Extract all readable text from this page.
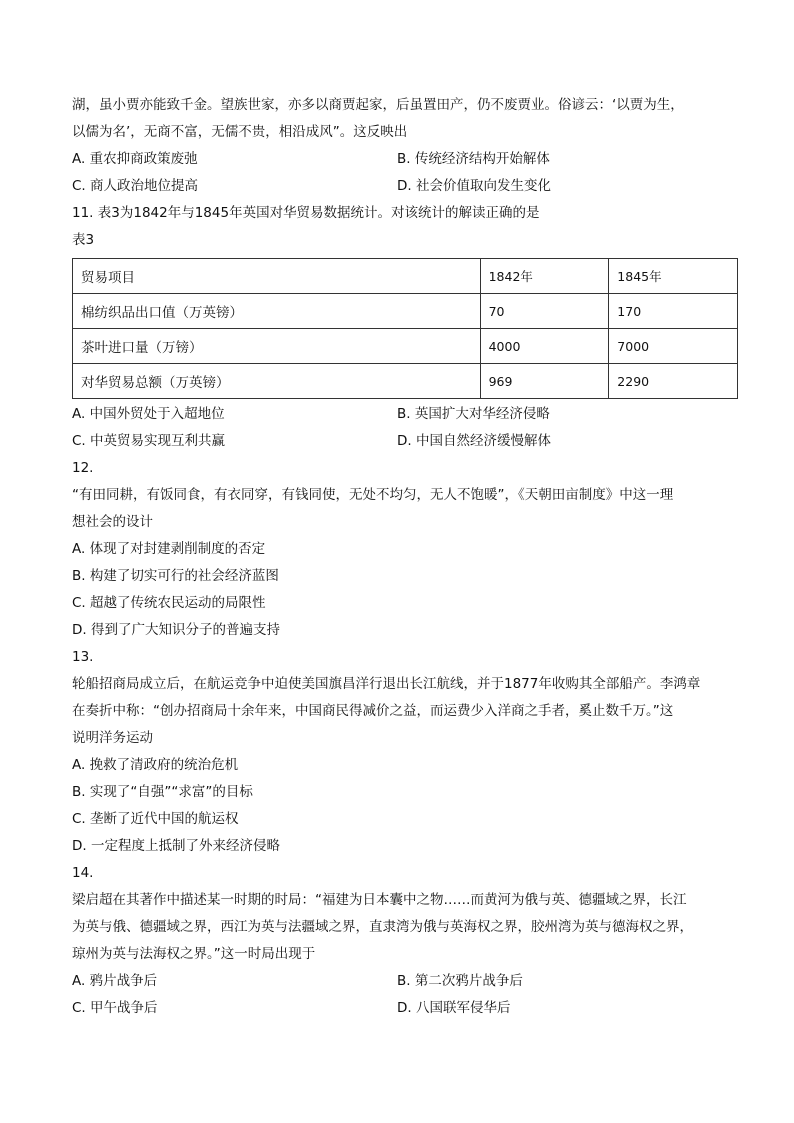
湖，虽小贾亦能致千金。望族世家，亦多以商贾起家，后虽置田产，仍不废贾业。俗谚云：‘以贾为生，
以儒为名’，无商不富，无儒不贵，相沿成风”。这反映出
A. 重农抑商政策废弛	B. 传统经济结构开始解体
C. 商人政治地位提高	D. 社会价值取向发生变化
11. 表3为1842年与1845年英国对华贸易数据统计。对该统计的解读正确的是
表3
贸易项目	1842年	1845年
棉纺织品出口值（万英镑）	70	170
茶叶进口量（万镑）	4000	7000
对华贸易总额（万英镑）	969	2290
A. 中国外贸处于入超地位	B. 英国扩大对华经济侵略
C. 中英贸易实现互利共赢	D. 中国自然经济缓慢解体
12.
“有田同耕，有饭同食，有衣同穿，有钱同使，无处不均匀，无人不饱暖”，《天朝田亩制度》中这一理
想社会的设计
A. 体现了对封建剥削制度的否定
B. 构建了切实可行的社会经济蓝图
C. 超越了传统农民运动的局限性
D. 得到了广大知识分子的普遍支持
13.
轮船招商局成立后，在航运竞争中迫使美国旗昌洋行退出长江航线，并于1877年收购其全部船产。李鸿章
在奏折中称：“创办招商局十余年来，中国商民得减价之益，而运费少入洋商之手者，奚止数千万。”这
说明洋务运动
A. 挽救了清政府的统治危机
B. 实现了“自强”“求富”的目标
C. 垄断了近代中国的航运权
D. 一定程度上抵制了外来经济侵略
14.
梁启超在其著作中描述某一时期的时局：“福建为日本囊中之物……而黄河为俄与英、德疆域之界，长江
为英与俄、德疆域之界，西江为英与法疆域之界，直隶湾为俄与英海权之界，胶州湾为英与德海权之界，
琼州为英与法海权之界。”这一时局出现于
A. 鸦片战争后	B. 第二次鸦片战争后
C. 甲午战争后	D. 八国联军侵华后
